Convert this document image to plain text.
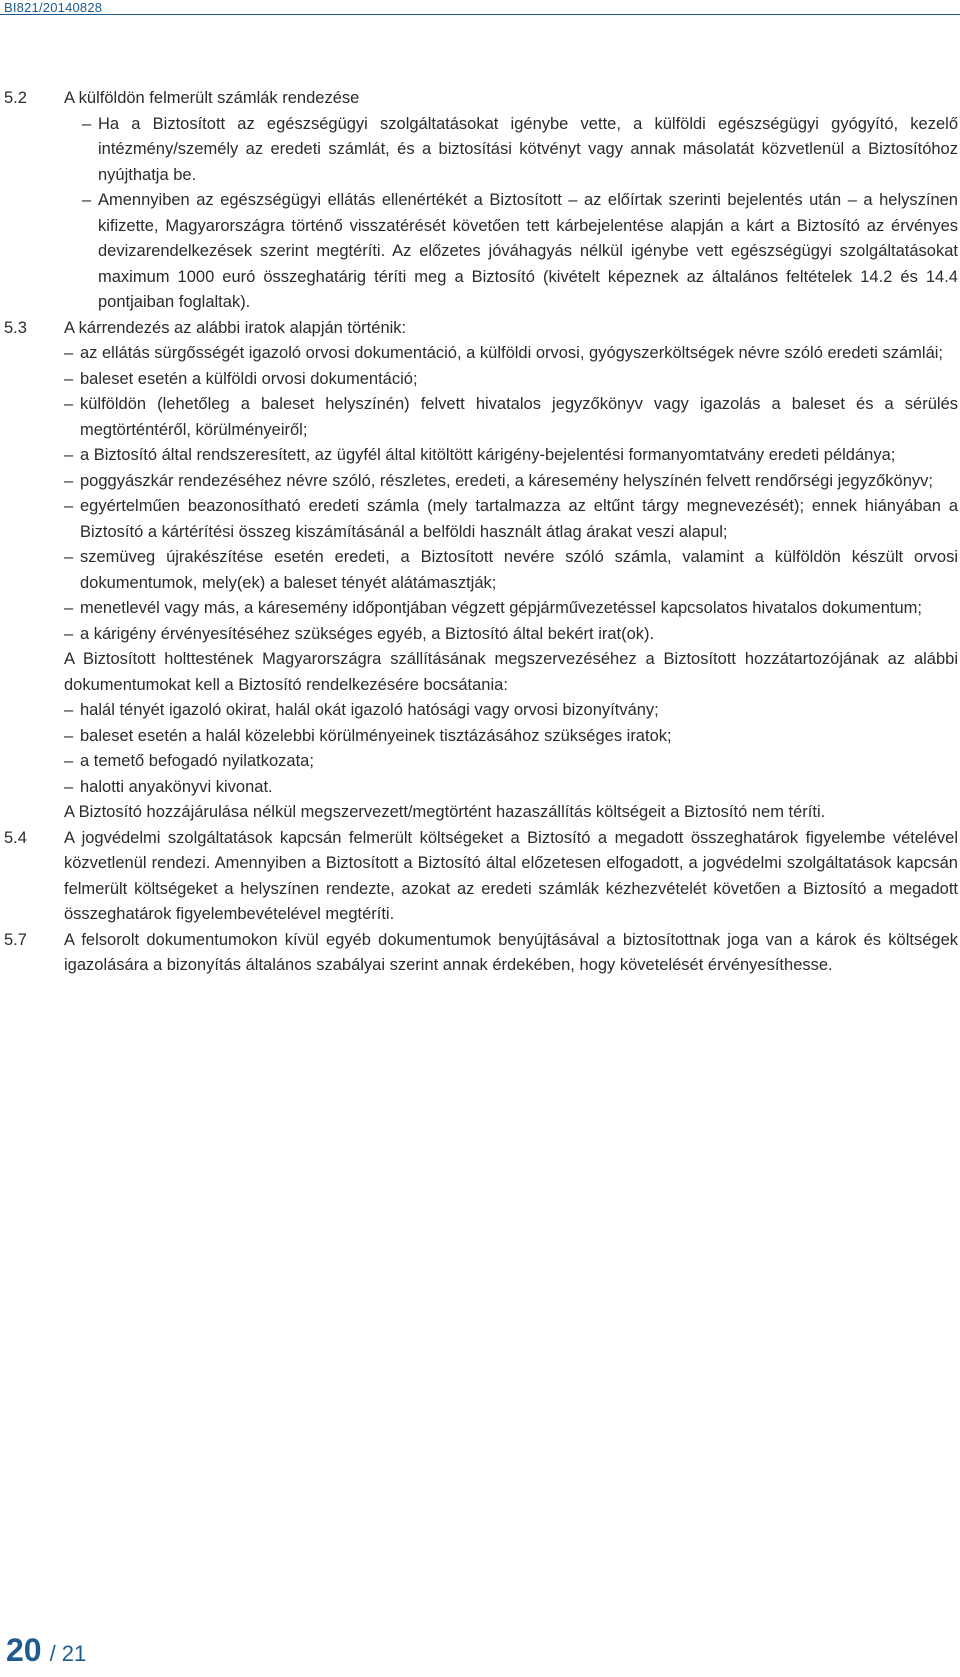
BI821/20140828
5.2 A külföldön felmerült számlák rendezése

– Ha a Biztosított az egészségügyi szolgáltatásokat igénybe vette, a külföldi egészségügyi gyógyító, kezelő intézmény/személy az eredeti számlát, és a biztosítási kötvényt vagy annak másolatát közvetlenül a Biztosítóhoz nyújthatja be.

– Amennyiben az egészségügyi ellátás ellenértékét a Biztosított – az előírtak szerinti bejelentés után – a helyszínen kifizette, Magyarországra történő visszatérését követően tett kárbejelentése alapján a kárt a Biztosító az érvényes devizarendelkezések szerint megtéríti. Az előzetes jóváhagyás nélkül igénybe vett egészségügyi szolgáltatásokat maximum 1000 euró összeghatárig téríti meg a Biztosító (kivételt képeznek az általános feltételek 14.2 és 14.4 pontjaiban foglaltak).

5.3 A kárrendezés az alábbi iratok alapján történik:

– az ellátás sürgősségét igazoló orvosi dokumentáció, a külföldi orvosi, gyógyszerköltségek névre szóló eredeti számlái;

– baleset esetén a külföldi orvosi dokumentáció;

– külföldön (lehetőleg a baleset helyszínén) felvett hivatalos jegyzőkönyv vagy igazolás a baleset és a sérülés megtörténtéről, körülményeiről;

– a Biztosító által rendszeresített, az ügyfél által kitöltött kárigény-bejelentési formanyomtatvány eredeti példánya;

– poggyászkár rendezéséhez névre szóló, részletes, eredeti, a káresemény helyszínén felvett rendőrségi jegyzőkönyv;

– egyértelműen beazonosítható eredeti számla (mely tartalmazza az eltűnt tárgy megnevezését); ennek hiányában a Biztosító a kártérítési összeg kiszámításánál a belföldi használt átlag árakat veszi alapul;

– szemüveg újrakészítése esetén eredeti, a Biztosított nevére szóló számla, valamint a külföldön készült orvosi dokumentumok, mely(ek) a baleset tényét alátámasztják;

– menetlevél vagy más, a káresemény időpontjában végzett gépjárművezetéssel kapcsolatos hivatalos dokumentum;

– a kárigény érvényesítéséhez szükséges egyéb, a Biztosító által bekért irat(ok).

A Biztosított holttestének Magyarországra szállításának megszervezéséhez a Biztosított hozzátartozójának az alábbi dokumentumokat kell a Biztosító rendelkezésére bocsátania:

– halál tényét igazoló okirat, halál okát igazoló hatósági vagy orvosi bizonyítvány;

– baleset esetén a halál közelebbi körülményeinek tisztázásához szükséges iratok;

– a temető befogadó nyilatkozata;

– halotti anyakönyvi kivonat.

A Biztosító hozzájárulása nélkül megszervezett/megtörtént hazaszállítás költségeit a Biztosító nem téríti.

5.4 A jogvédelmi szolgáltatások kapcsán felmerült költségeket a Biztosító a megadott összeghatárok figyelembe vételével közvetlenül rendezi. Amennyiben a Biztosított a Biztosító által előzetesen elfogadott, a jogvédelmi szolgáltatások kapcsán felmerült költségeket a helyszínen rendezte, azokat az eredeti számlák kézhezvételét követően a Biztosító a megadott összeghatárok figyelembevételével megtéríti.

5.7 A felsorolt dokumentumokon kívül egyéb dokumentumok benyújtásával a biztosítottnak joga van a károk és költségek igazolására a bizonyítás általános szabályai szerint annak érdekében, hogy követelését érvényesíthesse.

20 / 21
